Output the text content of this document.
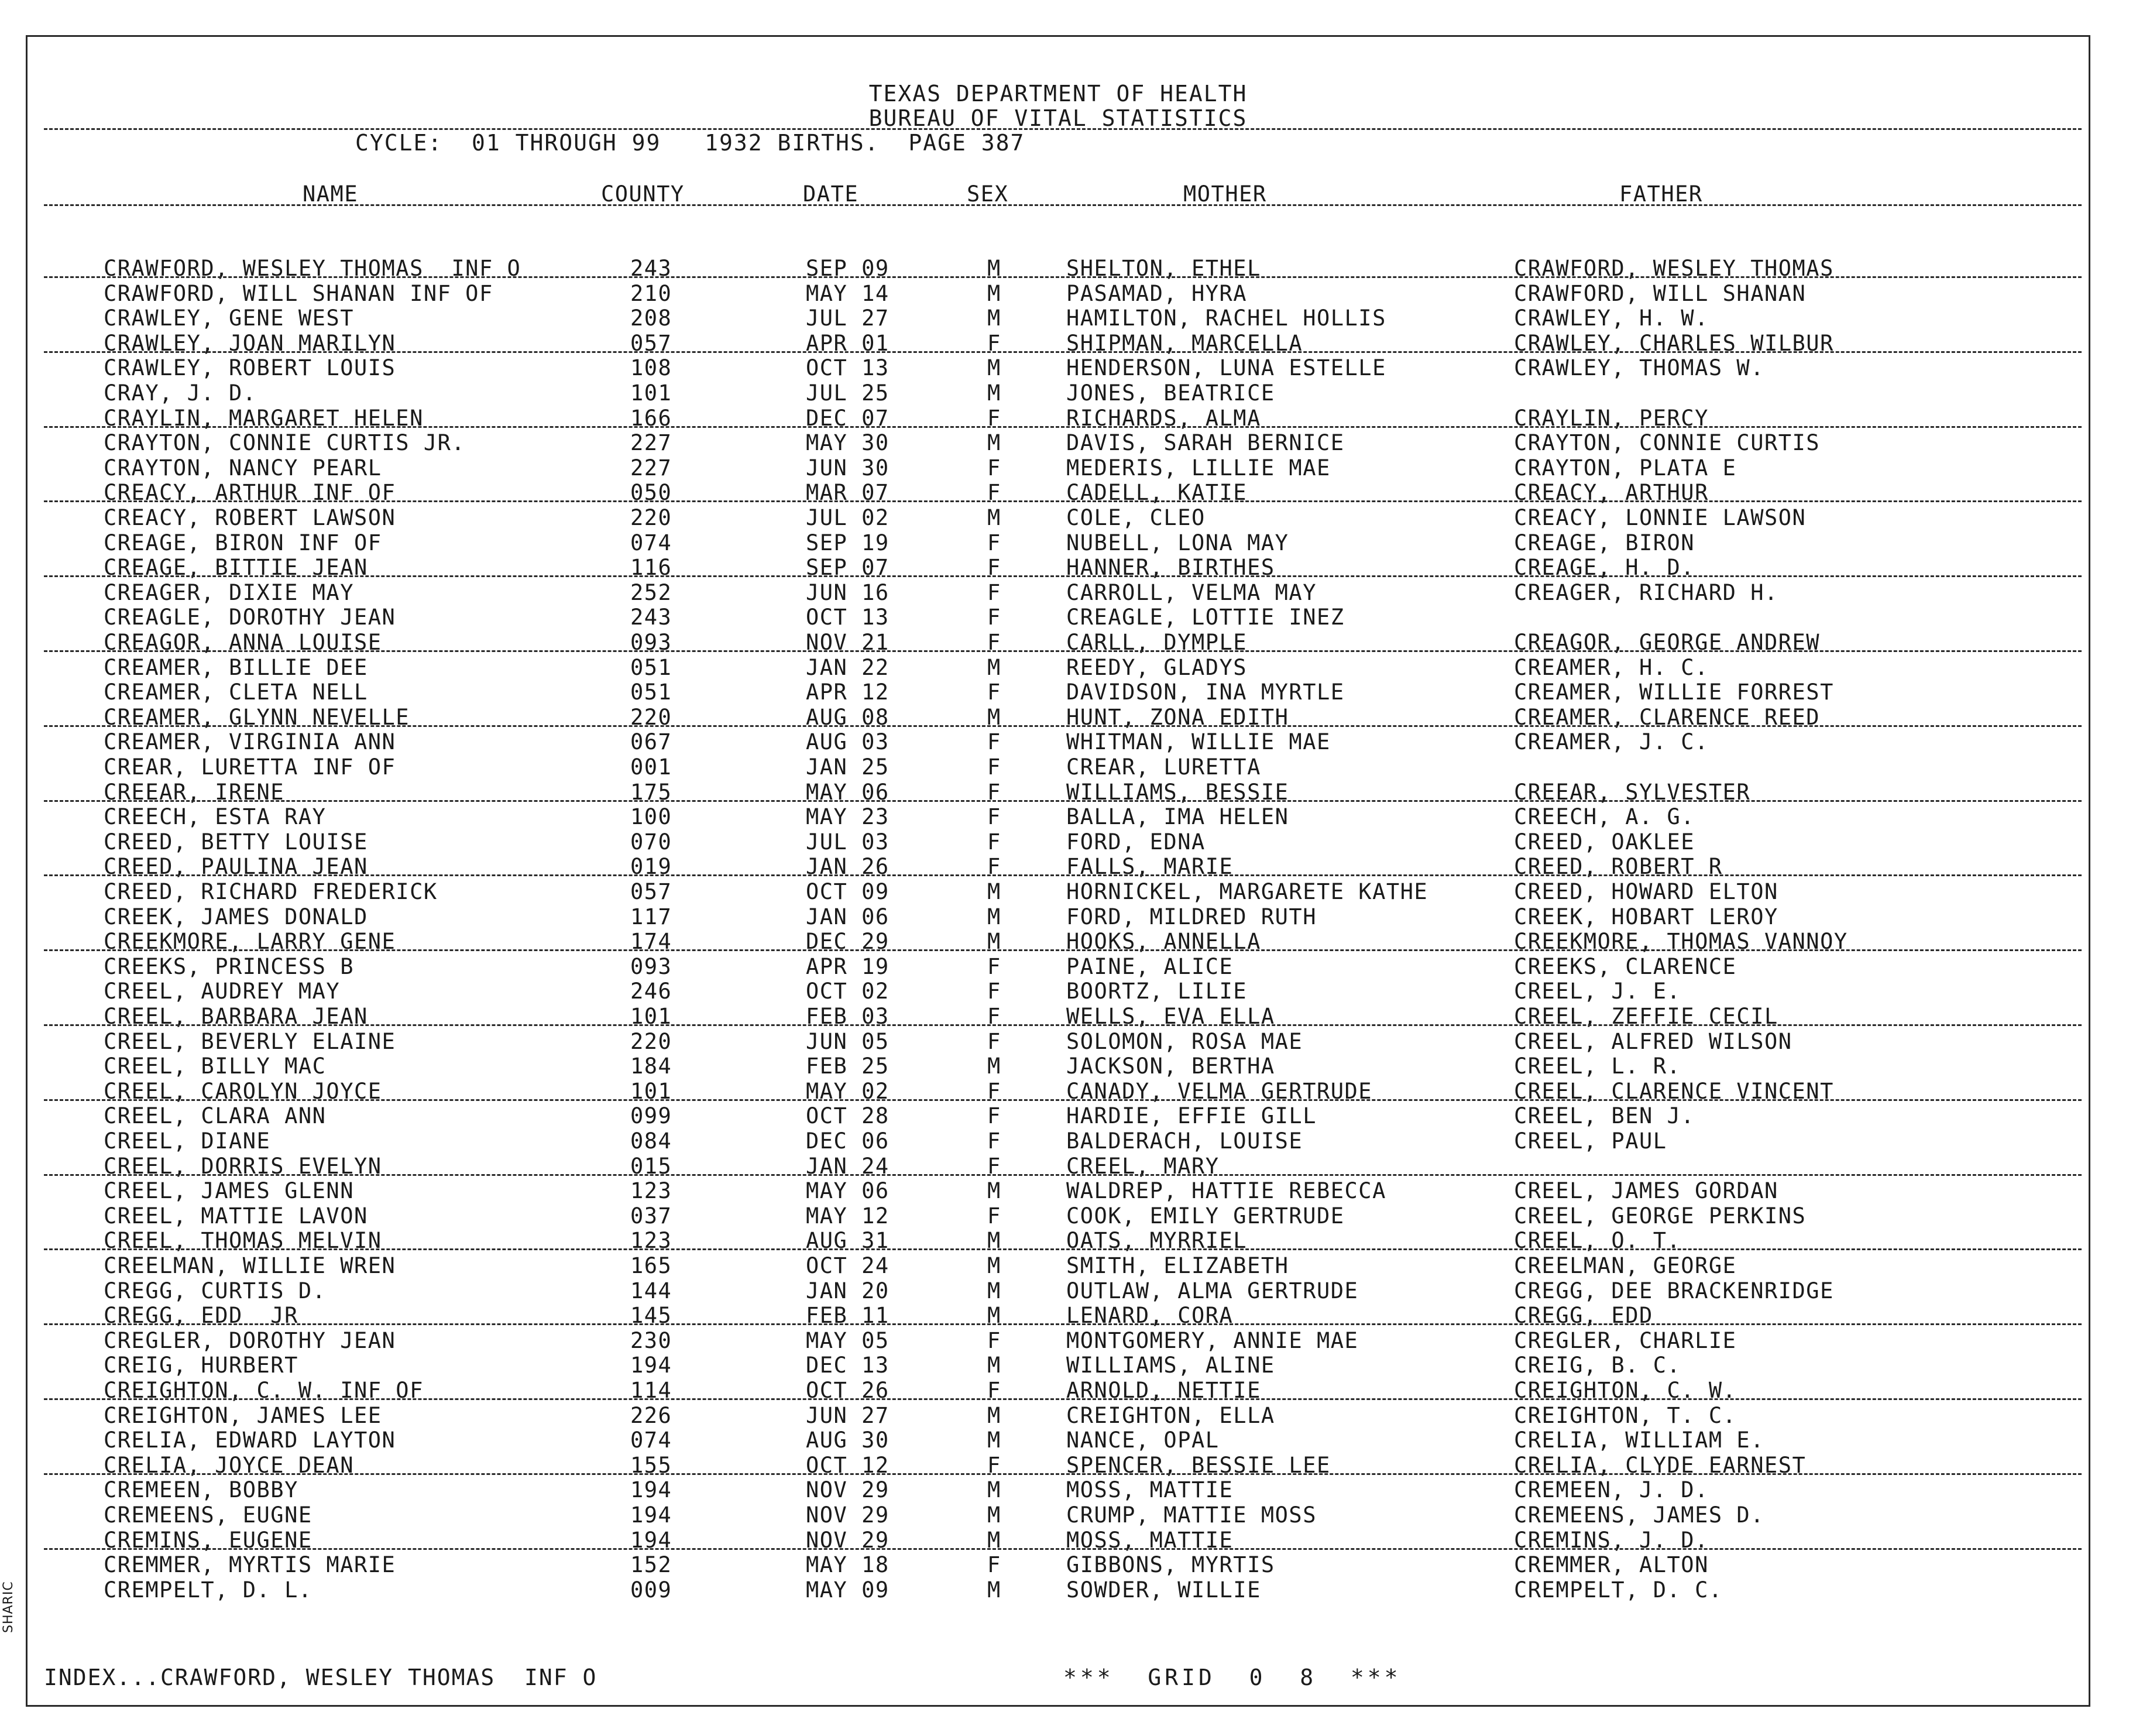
TEXAS DEPARTMENT OF HEALTH
BUREAU OF VITAL STATISTICS
CYCLE:  01 THROUGH 99   1932 BIRTHS.  PAGE 387
NAME	COUNTY	DATE	SEX	MOTHER	FATHER
CRAWFORD, WESLEY THOMAS  INF O	243	SEP 09	M	SHELTON, ETHEL	CRAWFORD, WESLEY THOMAS
CRAWFORD, WILL SHANAN INF OF	210	MAY 14	M	PASAMAD, HYRA	CRAWFORD, WILL SHANAN
CRAWLEY, GENE WEST	208	JUL 27	M	HAMILTON, RACHEL HOLLIS	CRAWLEY, H. W.
CRAWLEY, JOAN MARILYN	057	APR 01	F	SHIPMAN, MARCELLA	CRAWLEY, CHARLES WILBUR
CRAWLEY, ROBERT LOUIS	108	OCT 13	M	HENDERSON, LUNA ESTELLE	CRAWLEY, THOMAS W.
CRAY, J. D.	101	JUL 25	M	JONES, BEATRICE
CRAYLIN, MARGARET HELEN	166	DEC 07	F	RICHARDS, ALMA	CRAYLIN, PERCY
CRAYTON, CONNIE CURTIS JR.	227	MAY 30	M	DAVIS, SARAH BERNICE	CRAYTON, CONNIE CURTIS
CRAYTON, NANCY PEARL	227	JUN 30	F	MEDERIS, LILLIE MAE	CRAYTON, PLATA E
CREACY, ARTHUR INF OF	050	MAR 07	F	CADELL, KATIE	CREACY, ARTHUR
CREACY, ROBERT LAWSON	220	JUL 02	M	COLE, CLEO	CREACY, LONNIE LAWSON
CREAGE, BIRON INF OF	074	SEP 19	F	NUBELL, LONA MAY	CREAGE, BIRON
CREAGE, BITTIE JEAN	116	SEP 07	F	HANNER, BIRTHES	CREAGE, H. D.
CREAGER, DIXIE MAY	252	JUN 16	F	CARROLL, VELMA MAY	CREAGER, RICHARD H.
CREAGLE, DOROTHY JEAN	243	OCT 13	F	CREAGLE, LOTTIE INEZ
CREAGOR, ANNA LOUISE	093	NOV 21	F	CARLL, DYMPLE	CREAGOR, GEORGE ANDREW
CREAMER, BILLIE DEE	051	JAN 22	M	REEDY, GLADYS	CREAMER, H. C.
CREAMER, CLETA NELL	051	APR 12	F	DAVIDSON, INA MYRTLE	CREAMER, WILLIE FORREST
CREAMER, GLYNN NEVELLE	220	AUG 08	M	HUNT, ZONA EDITH	CREAMER, CLARENCE REED
CREAMER, VIRGINIA ANN	067	AUG 03	F	WHITMAN, WILLIE MAE	CREAMER, J. C.
CREAR, LURETTA INF OF	001	JAN 25	F	CREAR, LURETTA
CREEAR, IRENE	175	MAY 06	F	WILLIAMS, BESSIE	CREEAR, SYLVESTER
CREECH, ESTA RAY	100	MAY 23	F	BALLA, IMA HELEN	CREECH, A. G.
CREED, BETTY LOUISE	070	JUL 03	F	FORD, EDNA	CREED, OAKLEE
CREED, PAULINA JEAN	019	JAN 26	F	FALLS, MARIE	CREED, ROBERT R
CREED, RICHARD FREDERICK	057	OCT 09	M	HORNICKEL, MARGARETE KATHE	CREED, HOWARD ELTON
CREEK, JAMES DONALD	117	JAN 06	M	FORD, MILDRED RUTH	CREEK, HOBART LEROY
CREEKMORE, LARRY GENE	174	DEC 29	M	HOOKS, ANNELLA	CREEKMORE, THOMAS VANNOY
CREEKS, PRINCESS B	093	APR 19	F	PAINE, ALICE	CREEKS, CLARENCE
CREEL, AUDREY MAY	246	OCT 02	F	BOORTZ, LILIE	CREEL, J. E.
CREEL, BARBARA JEAN	101	FEB 03	F	WELLS, EVA ELLA	CREEL, ZEFFIE CECIL
CREEL, BEVERLY ELAINE	220	JUN 05	F	SOLOMON, ROSA MAE	CREEL, ALFRED WILSON
CREEL, BILLY MAC	184	FEB 25	M	JACKSON, BERTHA	CREEL, L. R.
CREEL, CAROLYN JOYCE	101	MAY 02	F	CANADY, VELMA GERTRUDE	CREEL, CLARENCE VINCENT
CREEL, CLARA ANN	099	OCT 28	F	HARDIE, EFFIE GILL	CREEL, BEN J.
CREEL, DIANE	084	DEC 06	F	BALDERACH, LOUISE	CREEL, PAUL
CREEL, DORRIS EVELYN	015	JAN 24	F	CREEL, MARY
CREEL, JAMES GLENN	123	MAY 06	M	WALDREP, HATTIE REBECCA	CREEL, JAMES GORDAN
CREEL, MATTIE LAVON	037	MAY 12	F	COOK, EMILY GERTRUDE	CREEL, GEORGE PERKINS
CREEL, THOMAS MELVIN	123	AUG 31	M	OATS, MYRRIEL	CREEL, O. T.
CREELMAN, WILLIE WREN	165	OCT 24	M	SMITH, ELIZABETH	CREELMAN, GEORGE
CREGG, CURTIS D.	144	JAN 20	M	OUTLAW, ALMA GERTRUDE	CREGG, DEE BRACKENRIDGE
CREGG, EDD  JR	145	FEB 11	M	LENARD, CORA	CREGG, EDD
CREGLER, DOROTHY JEAN	230	MAY 05	F	MONTGOMERY, ANNIE MAE	CREGLER, CHARLIE
CREIG, HURBERT	194	DEC 13	M	WILLIAMS, ALINE	CREIG, B. C.
CREIGHTON, C. W. INF OF	114	OCT 26	F	ARNOLD, NETTIE	CREIGHTON, C. W.
CREIGHTON, JAMES LEE	226	JUN 27	M	CREIGHTON, ELLA	CREIGHTON, T. C.
CRELIA, EDWARD LAYTON	074	AUG 30	M	NANCE, OPAL	CRELIA, WILLIAM E.
CRELIA, JOYCE DEAN	155	OCT 12	F	SPENCER, BESSIE LEE	CRELIA, CLYDE EARNEST
CREMEEN, BOBBY	194	NOV 29	M	MOSS, MATTIE	CREMEEN, J. D.
CREMEENS, EUGNE	194	NOV 29	M	CRUMP, MATTIE MOSS	CREMEENS, JAMES D.
CREMINS, EUGENE	194	NOV 29	M	MOSS, MATTIE	CREMINS, J. D.
CREMMER, MYRTIS MARIE	152	MAY 18	F	GIBBONS, MYRTIS	CREMMER, ALTON
CREMPELT, D. L.	009	MAY 09	M	SOWDER, WILLIE	CREMPELT, D. C.
INDEX...CRAWFORD, WESLEY THOMAS  INF O	***  GRID  0  8  ***
SHARIC
